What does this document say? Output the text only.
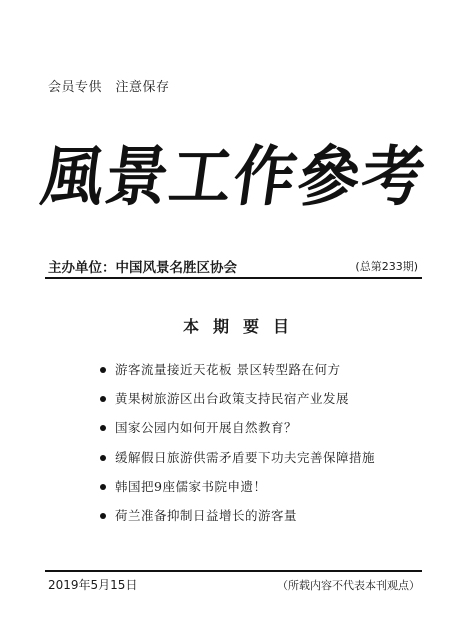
会员专供　注意保存
風景工作參考
主办单位：中国风景名胜区协会	(总第233期)
本期要目
游客流量接近天花板 景区转型路在何方
黄果树旅游区出台政策支持民宿产业发展
国家公园内如何开展自然教育？
缓解假日旅游供需矛盾要下功夫完善保障措施
韩国把9座儒家书院申遗！
荷兰准备抑制日益增长的游客量
2019年5月15日	（所载内容不代表本刊观点）
